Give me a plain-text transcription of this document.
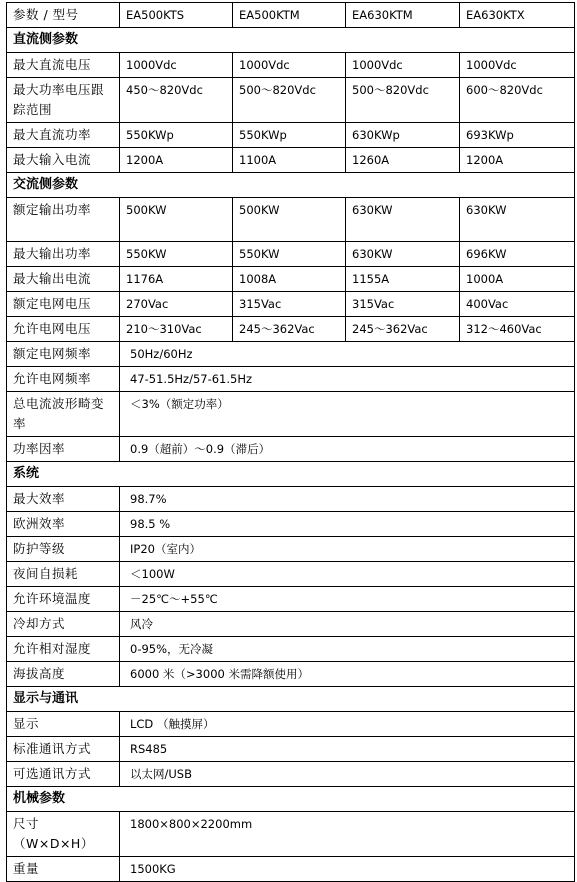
参数 / 型号	EA500KTS	EA500KTM	EA630KTM	EA630KTX
直流侧参数				
最大直流电压	1000Vdc	1000Vdc	1000Vdc	1000Vdc
最大功率电压跟踪范围	450～820Vdc	500～820Vdc	500～820Vdc	600～820Vdc
最大直流功率	550KWp	550KWp	630KWp	693KWp
最大输入电流	1200A	1100A	1260A	1200A
交流侧参数				
额定输出功率	500KW	500KW	630KW	630KW
最大输出功率	550KW	550KW	630KW	696KW
最大输出电流	1176A	1008A	1155A	1000A
额定电网电压	270Vac	315Vac	315Vac	400Vac
允许电网电压	210～310Vac	245～362Vac	245～362Vac	312～460Vac
额定电网频率	50Hz/60Hz			
允许电网频率	47-51.5Hz/57-61.5Hz			
总电流波形畸变率	＜3%（额定功率）			
功率因率	0.9（超前）～0.9（滞后）			
系统				
最大效率	98.7%			
欧洲效率	98.5 %			
防护等级	IP20（室内）			
夜间自损耗	＜100W			
允许环境温度	－25℃～+55℃			
冷却方式	风冷			
允许相对湿度	0-95%，无冷凝			
海拔高度	6000 米（>3000 米需降额使用）			
显示与通讯				
显示	LCD （触摸屏）			
标准通讯方式	RS485			
可选通讯方式	以太网/USB			
机械参数				
尺寸（W×D×H）	1800×800×2200mm			
重量	1500KG			
